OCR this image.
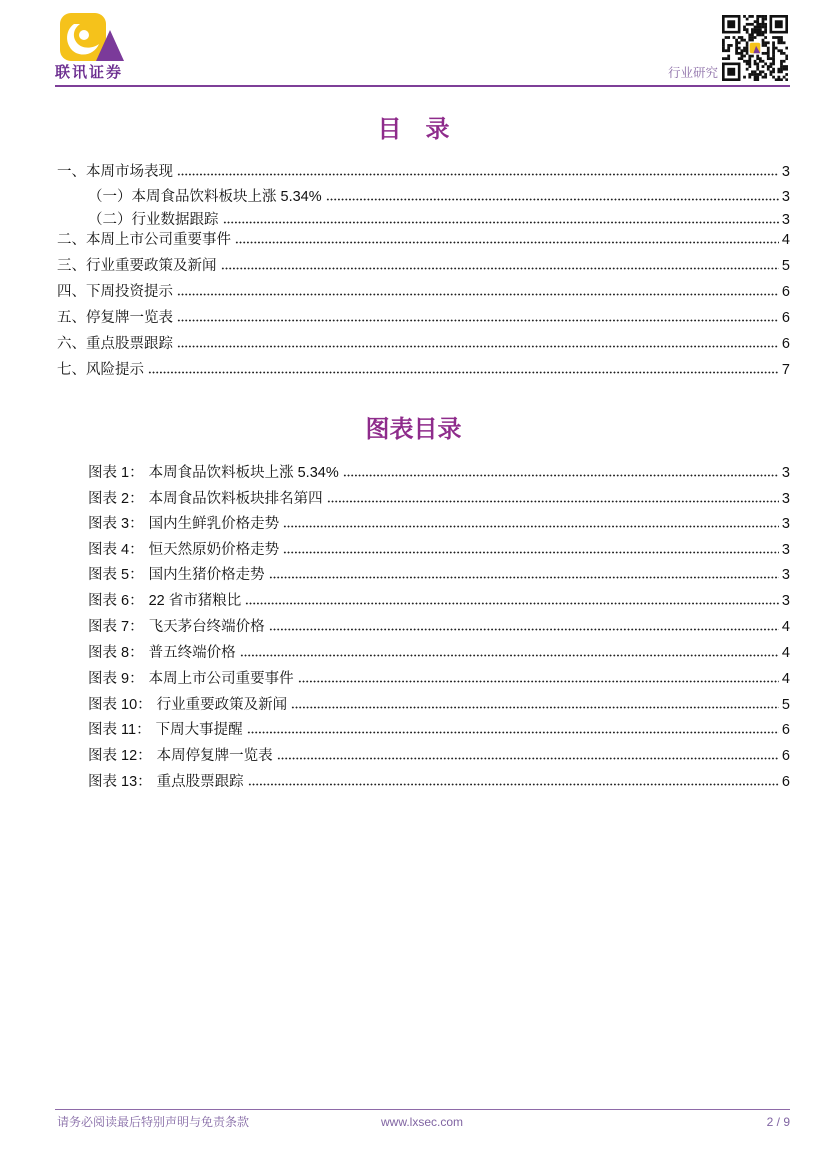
联讯证券	行业研究
目　录
一、本周市场表现	3
（一）本周食品饮料板块上涨 5.34%	3
（二）行业数据跟踪	3
二、本周上市公司重要事件	4
三、行业重要政策及新闻	5
四、下周投资提示	6
五、停复牌一览表	6
六、重点股票跟踪	6
七、风险提示	7
图表目录
图表 1： 本周食品饮料板块上涨 5.34%	3
图表 2： 本周食品饮料板块排名第四	3
图表 3： 国内生鲜乳价格走势	3
图表 4： 恒天然原奶价格走势	3
图表 5： 国内生猪价格走势	3
图表 6： 22 省市猪粮比	3
图表 7： 飞天茅台终端价格	4
图表 8： 普五终端价格	4
图表 9： 本周上市公司重要事件	4
图表 10： 行业重要政策及新闻	5
图表 11： 下周大事提醒	6
图表 12： 本周停复牌一览表	6
图表 13： 重点股票跟踪	6
请务必阅读最后特别声明与免责条款	www.lxsec.com	2 / 9
